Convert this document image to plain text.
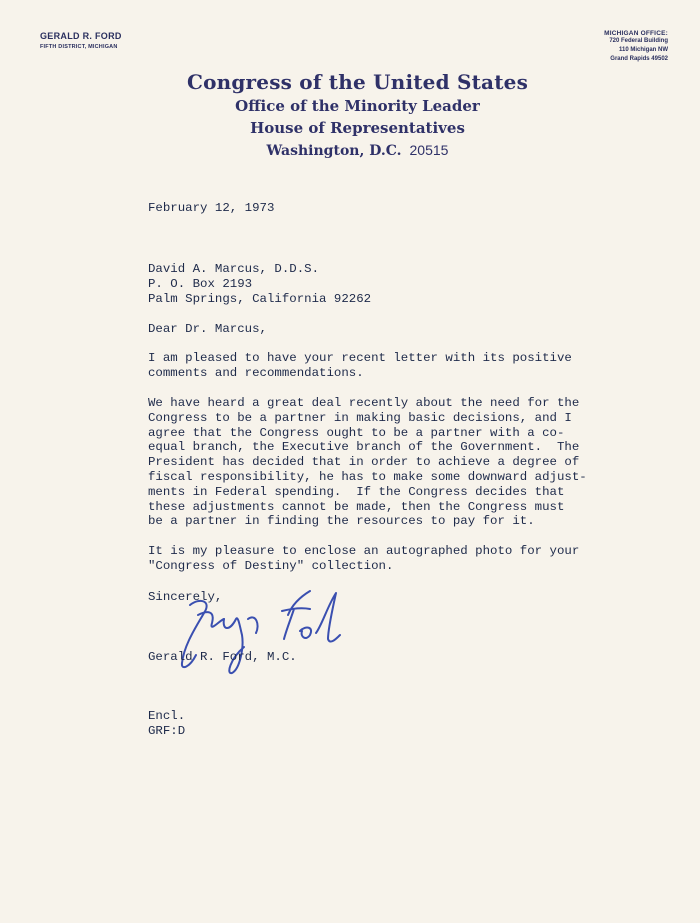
GERALD R. FORD
FIFTH DISTRICT, MICHIGAN
MICHIGAN OFFICE:
720 Federal Building
110 Michigan NW
Grand Rapids 49502
Congress of the United States
Office of the Minority Leader
House of Representatives
Washington, D.C. 20515

February 12, 1973

David A. Marcus, D.D.S.

P. O. Box 2193

Palm Springs, California 92262

Dear Dr. Marcus,

I am pleased to have your recent letter with its positive

comments and recommendations.

We have heard a great deal recently about the need for the

Congress to be a partner in making basic decisions, and I

agree that the Congress ought to be a partner with a co-

equal branch, the Executive branch of the Government.  The

President has decided that in order to achieve a degree of

fiscal responsibility, he has to make some downward adjust-

ments in Federal spending.  If the Congress decides that

these adjustments cannot be made, then the Congress must

be a partner in finding the resources to pay for it.

It is my pleasure to enclose an autographed photo for your

"Congress of Destiny" collection.

Sincerely,

Gerald R. Ford, M.C.

Encl.

GRF:D
